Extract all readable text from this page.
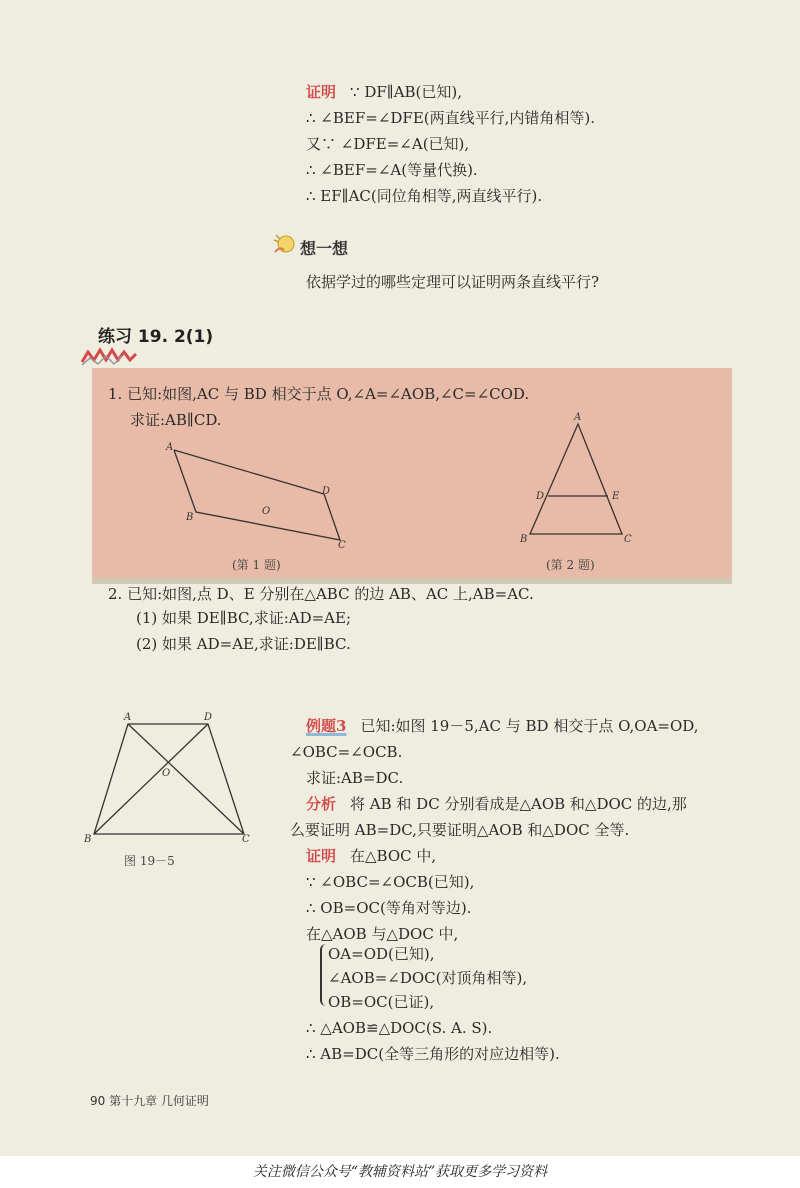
证明 ∵ DF∥AB(已知),
∴ ∠BEF=∠DFE(两直线平行,内错角相等).
又∵ ∠DFE=∠A(已知),
∴ ∠BEF=∠A(等量代换).
∴ EF∥AC(同位角相等,两直线平行).
想一想
依据学过的哪些定理可以证明两条直线平行?
练习 19. 2(1)
1. 已知:如图,AC 与 BD 相交于点 O,∠A=∠AOB,∠C=∠COD.
求证:AB∥CD.
A
B
O
D
C
(第 1 题)
A
D	E
B	C
(第 2 题)
2. 已知:如图,点 D、E 分别在△ABC 的边 AB、AC 上,AB=AC.
(1) 如果 DE∥BC,求证:AD=AE;
(2) 如果 AD=AE,求证:DE∥BC.
A	D
O
B	C
图 19－5
例题3 已知:如图 19－5,AC 与 BD 相交于点 O,OA=OD,
∠OBC=∠OCB.
求证:AB=DC.
分析 将 AB 和 DC 分别看成是△AOB 和△DOC 的边,那
么要证明 AB=DC,只要证明△AOB 和△DOC 全等.
证明 在△BOC 中,
∵ ∠OBC=∠OCB(已知),
∴ OB=OC(等角对等边).
在△AOB 与△DOC 中,
OA=OD(已知),
∠AOB=∠DOC(对顶角相等),
OB=OC(已证),
∴ △AOB≌△DOC(S. A. S).
∴ AB=DC(全等三角形的对应边相等).
90 第十九章 几何证明
关注微信公众号“教辅资料站”获取更多学习资料
